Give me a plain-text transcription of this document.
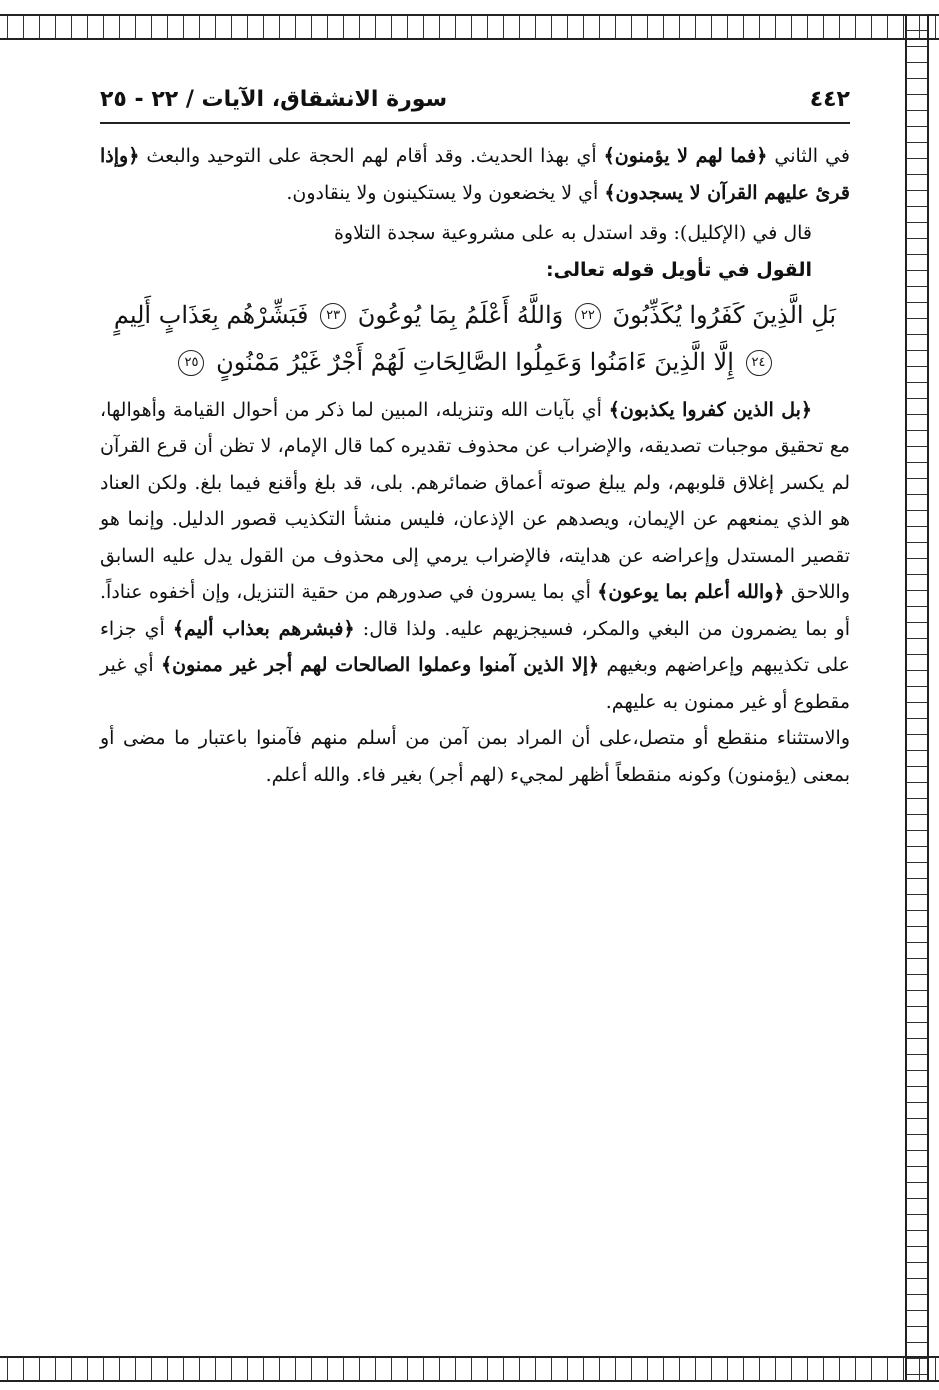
٤٤٢
سورة الانشقاق، الآيات / ٢٢ - ٢٥

في الثاني ﴿فما لهم لا يؤمنون﴾ أي بهذا الحديث. وقد أقام لهم الحجة على التوحيد والبعث ﴿وإذا قرئ عليهم القرآن لا يسجدون﴾ أي لا يخضعون ولا يستكينون ولا ينقادون.

قال في (الإكليل): وقد استدل به على مشروعية سجدة التلاوة

القول في تأويل قوله تعالى:

بَلِ الَّذِينَ كَفَرُوا يُكَذِّبُونَ ٢٢ وَاللَّهُ أَعْلَمُ بِمَا يُوعُونَ ٢٣ فَبَشِّرْهُم بِعَذَابٍ أَلِيمٍ
٢٤ إِلَّا الَّذِينَ ءَامَنُوا وَعَمِلُوا الصَّالِحَاتِ لَهُمْ أَجْرٌ غَيْرُ مَمْنُونٍ ٢٥

﴿بل الذين كفروا يكذبون﴾ أي بآيات الله وتنزيله، المبين لما ذكر من أحوال القيامة وأهوالها، مع تحقيق موجبات تصديقه، والإضراب عن محذوف تقديره كما قال الإمام، لا تظن أن قرع القرآن لم يكسر إغلاق قلوبهم، ولم يبلغ صوته أعماق ضمائرهم. بلى، قد بلغ وأقنع فيما بلغ. ولكن العناد هو الذي يمنعهم عن الإيمان، ويصدهم عن الإذعان، فليس منشأ التكذيب قصور الدليل. وإنما هو تقصير المستدل وإعراضه عن هدايته، فالإضراب يرمي إلى محذوف من القول يدل عليه السابق واللاحق ﴿والله أعلم بما يوعون﴾ أي بما يسرون في صدورهم من حقية التنزيل، وإن أخفوه عناداً. أو بما يضمرون من البغي والمكر، فسيجزيهم عليه. ولذا قال: ﴿فبشرهم بعذاب أليم﴾ أي جزاء على تكذيبهم وإعراضهم وبغيهم ﴿إلا الذين آمنوا وعملوا الصالحات لهم أجر غير ممنون﴾ أي غير مقطوع أو غير ممنون به عليهم.

والاستثناء منقطع أو متصل،على أن المراد بمن آمن من أسلم منهم فآمنوا باعتبار ما مضى أو بمعنى (يؤمنون) وكونه منقطعاً أظهر لمجيء (لهم أجر) بغير فاء. والله أعلم.
